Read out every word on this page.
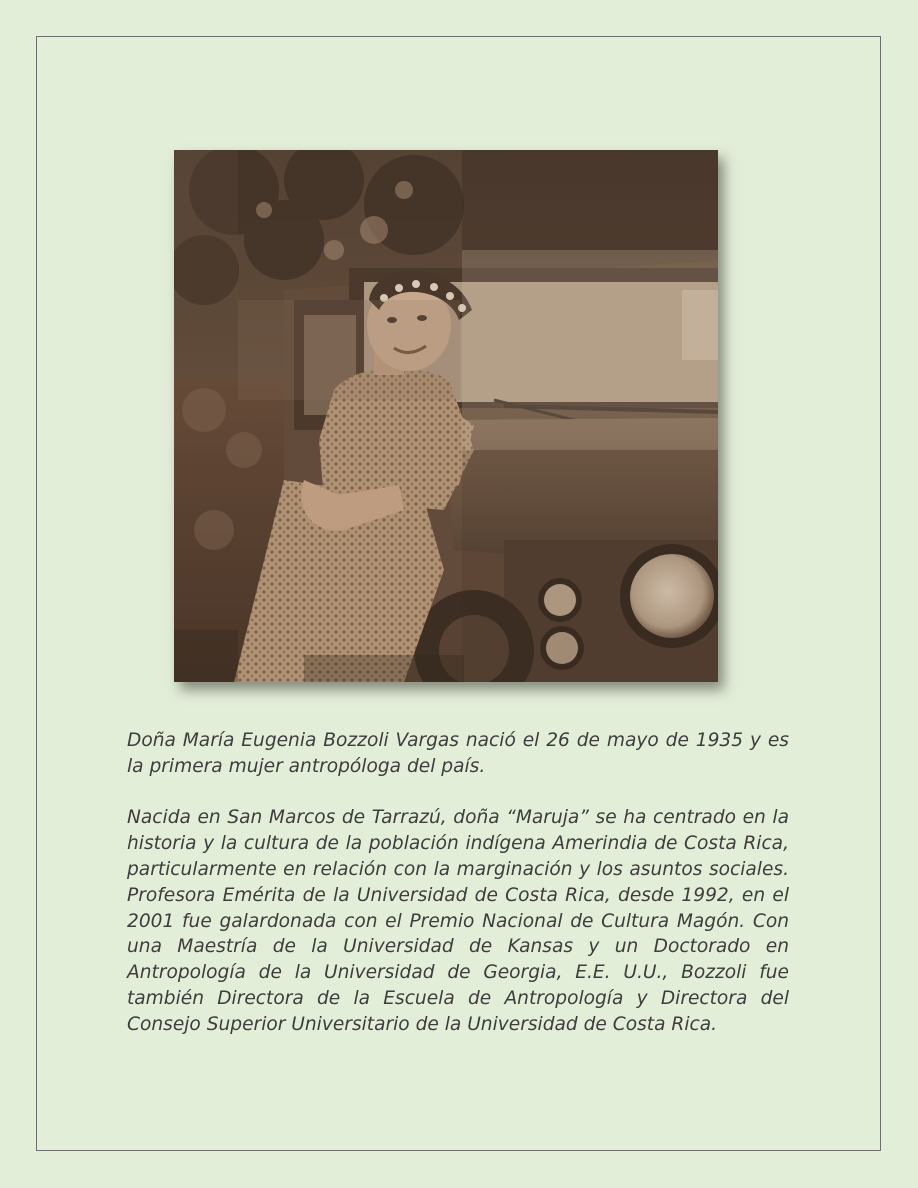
Doña María Eugenia Bozzoli Vargas nació el 26 de mayo de 1935 y es la primera mujer antropóloga del país.

Nacida en San Marcos de Tarrazú, doña “Maruja” se ha centrado en la historia y la cultura de la población indígena Amerindia de Costa Rica, particularmente en relación con la marginación y los asuntos sociales. Profesora Emérita de la Universidad de Costa Rica, desde 1992, en el 2001 fue galardonada con el Premio Nacional de Cultura Magón. Con una Maestría de la Universidad de Kansas y un Doctorado en Antropología de la Universidad de Georgia, E.E. U.U., Bozzoli fue también Directora de la Escuela de Antropología y Directora del Consejo Superior Universitario de la Universidad de Costa Rica.
